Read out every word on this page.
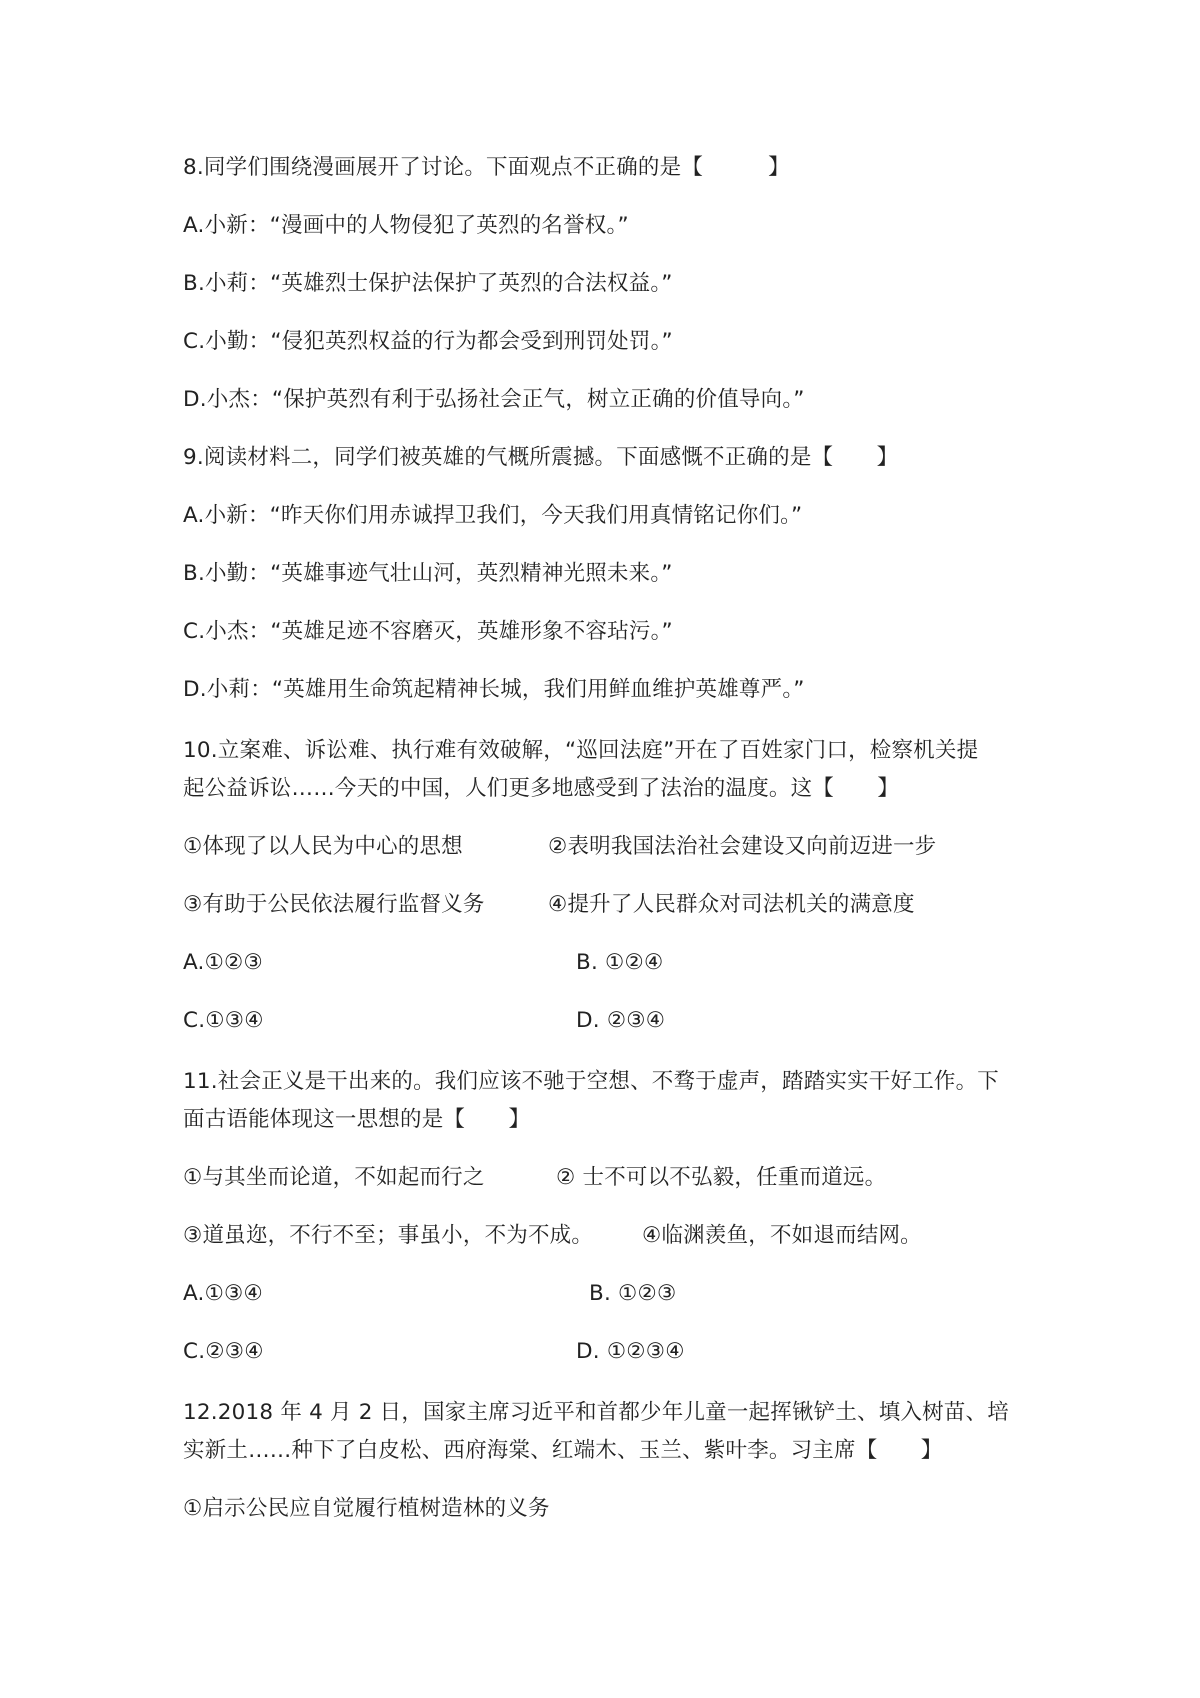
8.同学们围绕漫画展开了讨论。下面观点不正确的是【　　　】
A.小新：“漫画中的人物侵犯了英烈的名誉权。”
B.小莉：“英雄烈士保护法保护了英烈的合法权益。”
C.小勤：“侵犯英烈权益的行为都会受到刑罚处罚。”
D.小杰：“保护英烈有利于弘扬社会正气，树立正确的价值导向。”
9.阅读材料二，同学们被英雄的气概所震撼。下面感慨不正确的是【　　】
A.小新：“昨天你们用赤诚捍卫我们，今天我们用真情铭记你们。”
B.小勤：“英雄事迹气壮山河，英烈精神光照未来。”
C.小杰：“英雄足迹不容磨灭，英雄形象不容玷污。”
D.小莉：“英雄用生命筑起精神长城，我们用鲜血维护英雄尊严。”
10.立案难、诉讼难、执行难有效破解，“巡回法庭”开在了百姓家门口，检察机关提
起公益诉讼……今天的中国，人们更多地感受到了法治的温度。这【　　】
①体现了以人民为中心的思想	②表明我国法治社会建设又向前迈进一步
③有助于公民依法履行监督义务	④提升了人民群众对司法机关的满意度
A.①②③	B. ①②④
C.①③④	D. ②③④
11.社会正义是干出来的。我们应该不驰于空想、不骛于虚声，踏踏实实干好工作。下
面古语能体现这一思想的是【　　】
①与其坐而论道，不如起而行之	② 士不可以不弘毅，任重而道远。
③道虽迩，不行不至；事虽小，不为不成。 ④临渊羡鱼，不如退而结网。
A.①③④	B. ①②③
C.②③④	D. ①②③④
12.2018 年 4 月 2 日，国家主席习近平和首都少年儿童一起挥锹铲土、填入树苗、培
实新土……种下了白皮松、西府海棠、红端木、玉兰、紫叶李。习主席【　　】
①启示公民应自觉履行植树造林的义务
